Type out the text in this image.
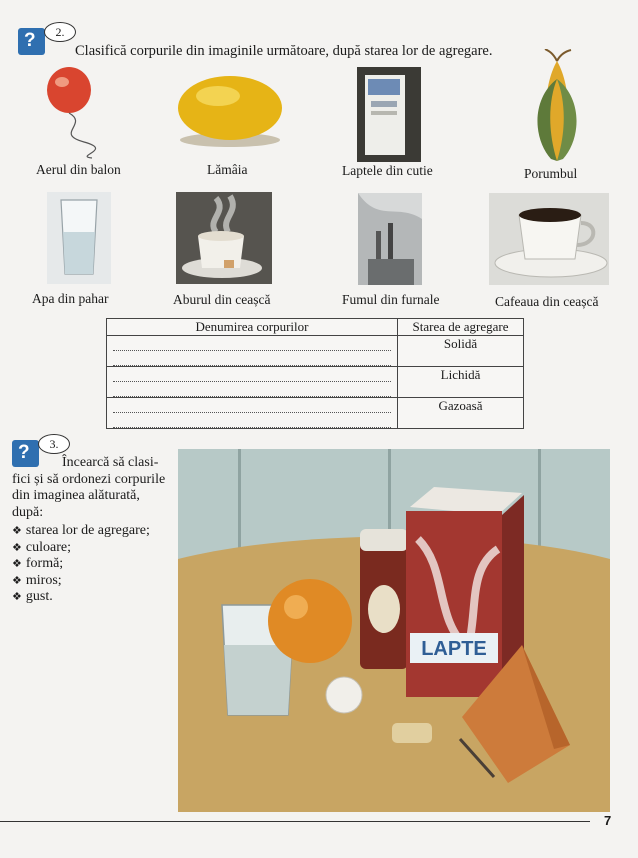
?	2.
Clasifică corpurile din imaginile următoare, după starea lor de agregare.
Aerul din balon	Lămâia	Laptele din cutie	Porumbul
Apa din pahar	Aburul din ceașcă	Fumul din furnale	Cafeaua din ceașcă
Denumirea corpurilor	Starea de agregare

	Solidă

	Lichidă

	Gazoasă
?	3.
Încearcă să clasi-
fici și să ordonezi corpurile
din imaginea alăturată,
după:
❖ starea lor de agregare;
❖ culoare;
❖ formă;
❖ miros;
❖ gust.
LAPTE
7
